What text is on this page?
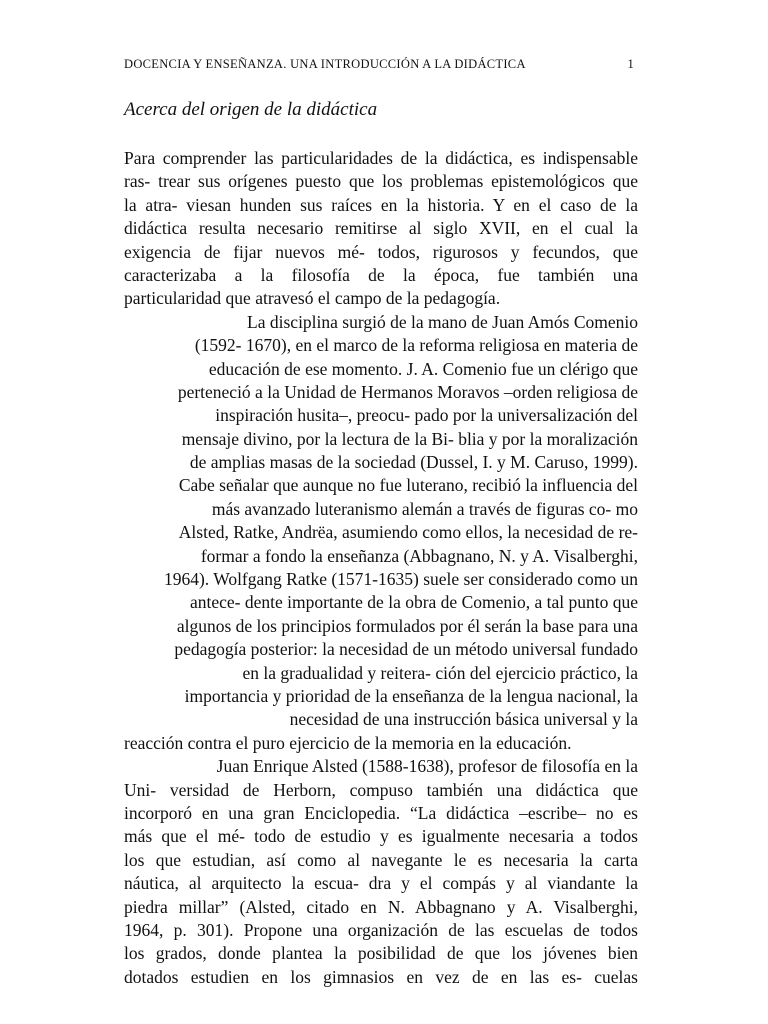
DOCENCIA Y ENSEÑANZA. UNA INTRODUCCIÓN A LA DIDÁCTICA	1
Acerca del origen de la didáctica
Para comprender las particularidades de la didáctica, es indispensable
ras- trear sus orígenes puesto que los problemas epistemológicos que
la atra- viesan hunden sus raíces en la historia. Y en el caso de la
didáctica resulta necesario remitirse al siglo XVII, en el cual la
exigencia de fijar nuevos mé- todos, rigurosos y fecundos, que
caracterizaba a la filosofía de la época, fue también una
particularidad que atravesó el campo de la pedagogía.
La disciplina surgió de la mano de Juan Amós Comenio
(1592- 1670), en el marco de la reforma religiosa en materia de
educación de ese momento. J. A. Comenio fue un clérigo que
perteneció a la Unidad de Hermanos Moravos –orden religiosa de
inspiración husita–, preocu- pado por la universalización del
mensaje divino, por la lectura de la Bi- blia y por la moralización
de amplias masas de la sociedad (Dussel, I. y M. Caruso, 1999).
Cabe señalar que aunque no fue luterano, recibió la influencia del
más avanzado luteranismo alemán a través de figuras co- mo
Alsted, Ratke, Andrëa, asumiendo como ellos, la necesidad de re-
formar a fondo la enseñanza (Abbagnano, N. y A. Visalberghi,
1964). Wolfgang Ratke (1571-1635) suele ser considerado como un
antece- dente importante de la obra de Comenio, a tal punto que
algunos de los principios formulados por él serán la base para una
pedagogía posterior: la necesidad de un método universal fundado
en la gradualidad y reitera- ción del ejercicio práctico, la
importancia y prioridad de la enseñanza de la lengua nacional, la
necesidad de una instrucción básica universal y la
reacción contra el puro ejercicio de la memoria en la educación.
Juan Enrique Alsted (1588-1638), profesor de filosofía en la
Uni- versidad de Herborn, compuso también una didáctica que
incorporó en una gran Enciclopedia. “La didáctica –escribe– no es
más que el mé- todo de estudio y es igualmente necesaria a todos
los que estudian, así como al navegante le es necesaria la carta
náutica, al arquitecto la escua- dra y el compás y al viandante la
piedra millar” (Alsted, citado en N. Abbagnano y A. Visalberghi,
1964, p. 301). Propone una organización de las escuelas de todos
los grados, donde plantea la posibilidad de que los jóvenes bien
dotados estudien en los gimnasios en vez de en las es- cuelas
